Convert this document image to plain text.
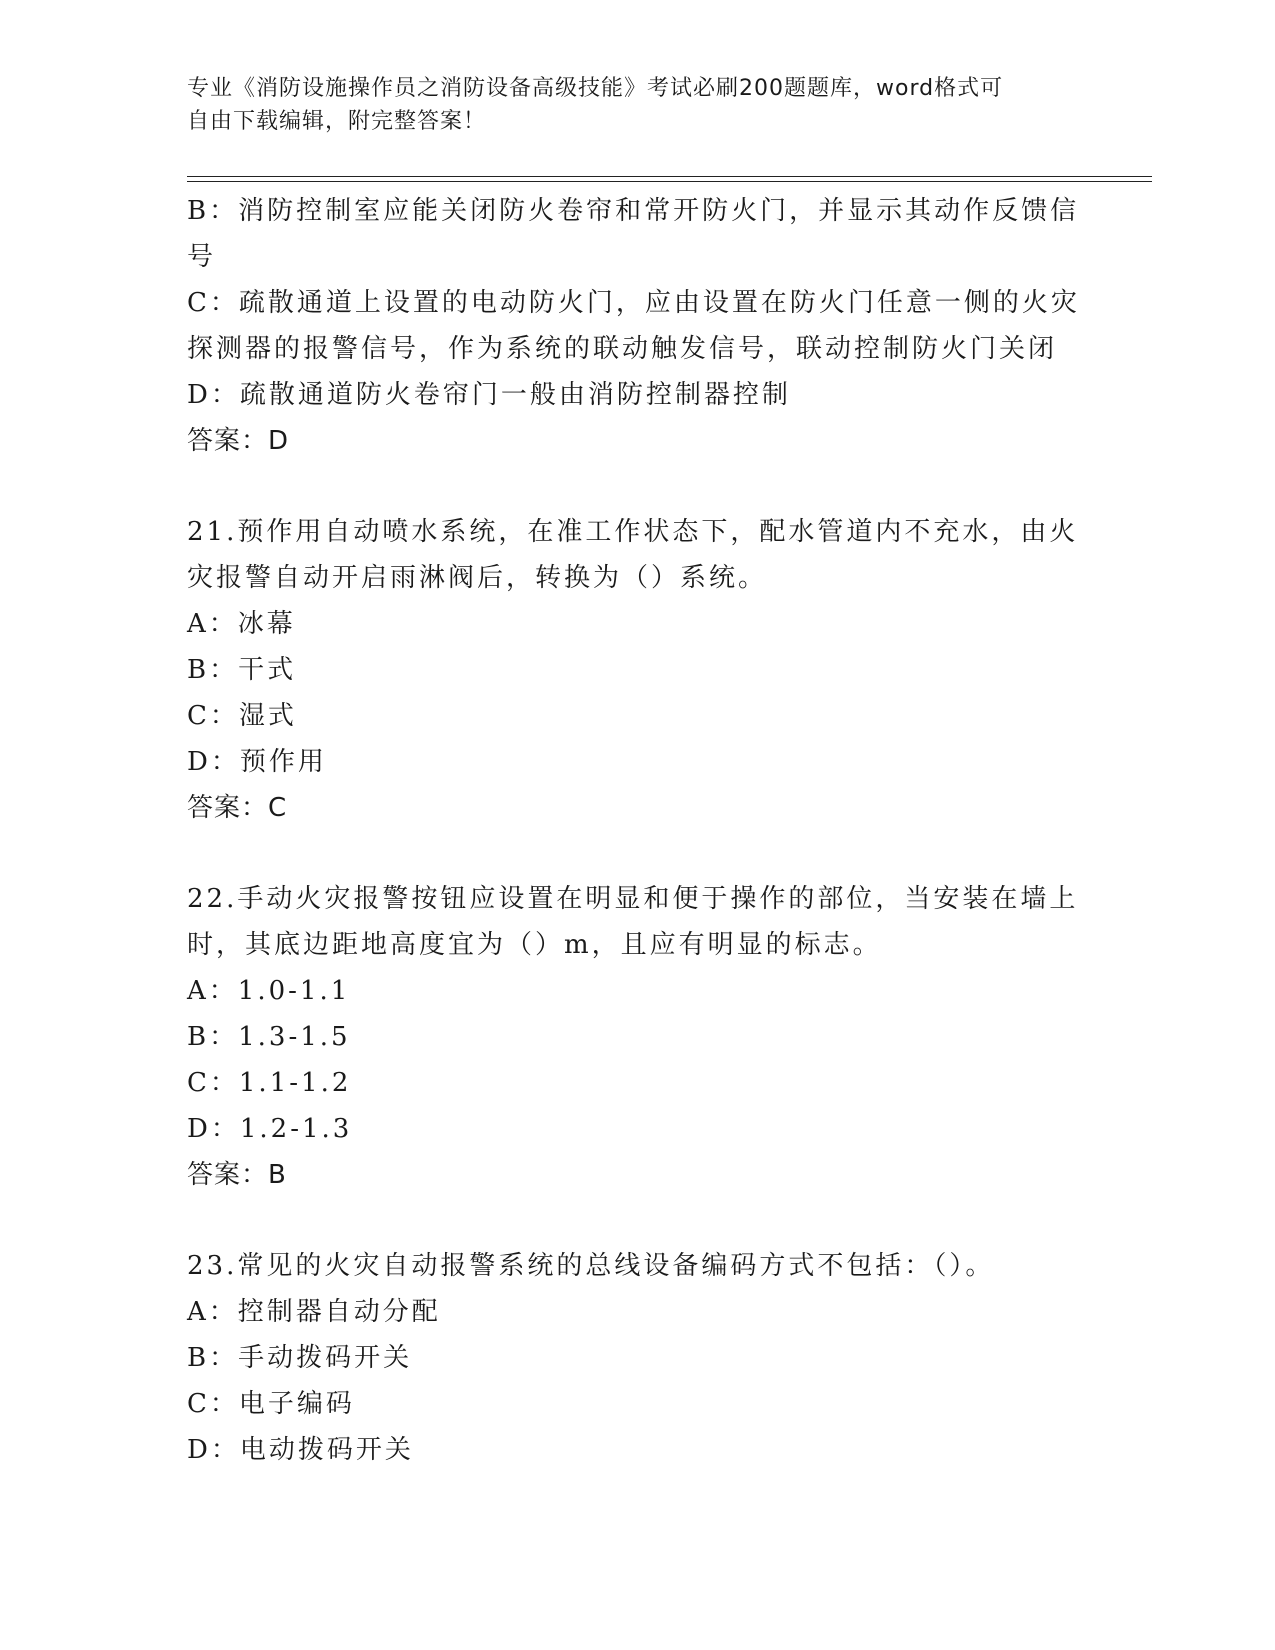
专业《消防设施操作员之消防设备高级技能》考试必刷200题题库，word格式可

自由下载编辑，附完整答案！

B：消防控制室应能关闭防火卷帘和常开防火门，并显示其动作反馈信

号

C：疏散通道上设置的电动防火门，应由设置在防火门任意一侧的火灾

探测器的报警信号，作为系统的联动触发信号，联动控制防火门关闭

D：疏散通道防火卷帘门一般由消防控制器控制

答案：D

21.预作用自动喷水系统，在准工作状态下，配水管道内不充水，由火

灾报警自动开启雨淋阀后，转换为（）系统。

A：冰幕

B：干式

C：湿式

D：预作用

答案：C

22.手动火灾报警按钮应设置在明显和便于操作的部位，当安装在墙上

时，其底边距地高度宜为（）m，且应有明显的标志。

A：1.0-1.1

B：1.3-1.5

C：1.1-1.2

D：1.2-1.3

答案：B

23.常见的火灾自动报警系统的总线设备编码方式不包括：（）。

A：控制器自动分配

B：手动拨码开关

C：电子编码

D：电动拨码开关
